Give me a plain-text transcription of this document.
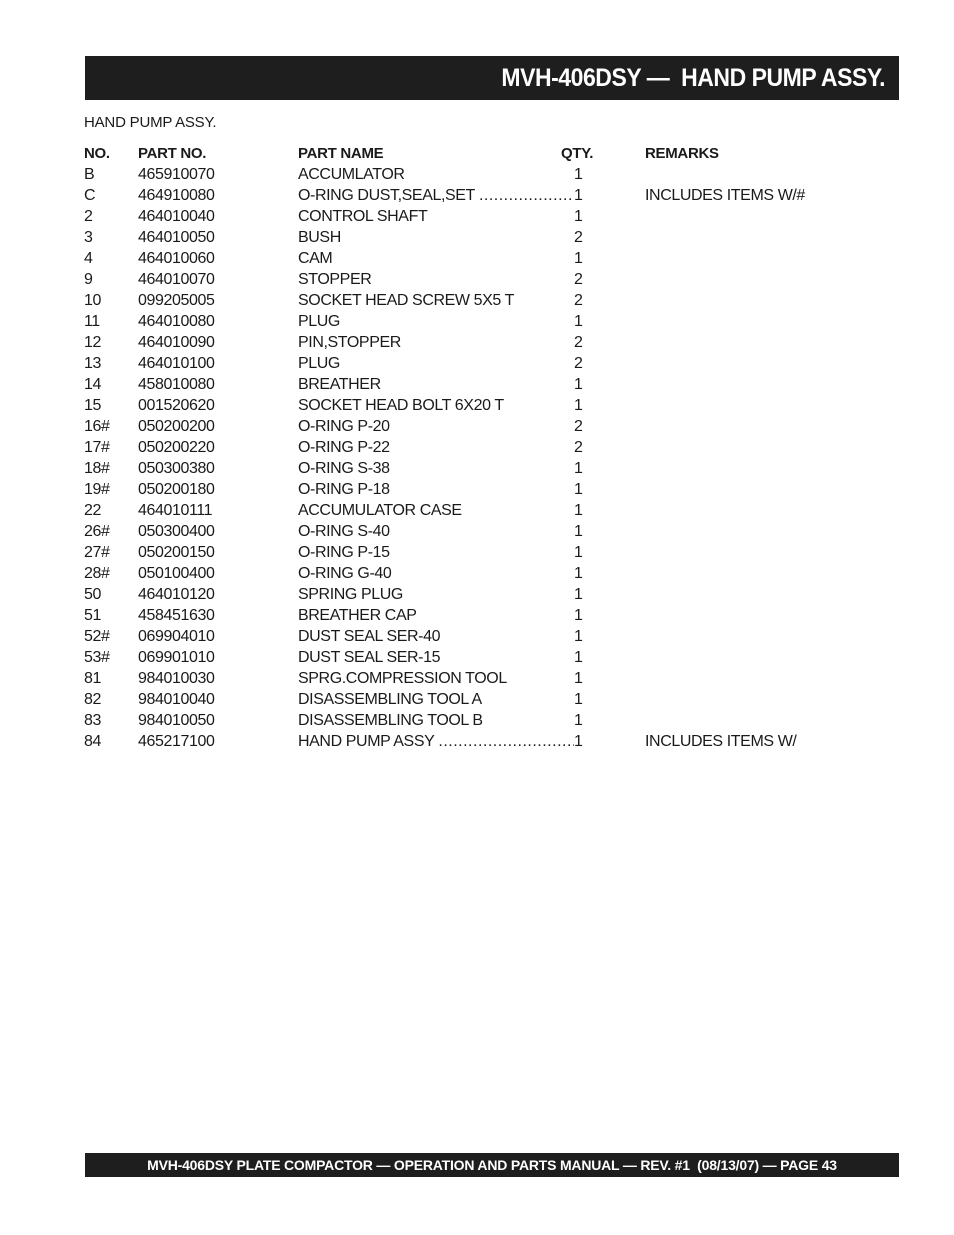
MVH-406DSY —  HAND PUMP ASSY.
HAND PUMP ASSY.
NO. PART NO.	PART NAME	QTY.	REMARKS
B	465910070	ACCUMLATOR	1
C	464910080	O-RING DUST,SEAL,SET .....	1	INCLUDES ITEMS W/#
2	464010040	CONTROL SHAFT	1
3	464010050	BUSH	2
4	464010060	CAM	1
9	464010070	STOPPER	2
10 099205005	SOCKET HEAD SCREW 5X5 T	2
11 464010080	PLUG	1
12 464010090	PIN,STOPPER	2
13 464010100	PLUG	2
14 458010080	BREATHER	1
15 001520620	SOCKET HEAD BOLT 6X20 T	1
16# 050200200	O-RING P-20	2
17# 050200220	O-RING P-22	2
18# 050300380	O-RING S-38	1
19# 050200180	O-RING P-18	1
22 464010111	ACCUMULATOR CASE	1
26# 050300400	O-RING S-40	1
27# 050200150	O-RING P-15	1
28# 050100400	O-RING G-40	1
50 464010120	SPRING PLUG	1
51 458451630	BREATHER CAP	1
52# 069904010	DUST SEAL SER-40	1
53# 069901010	DUST SEAL SER-15	1
81 984010030	SPRG.COMPRESSION TOOL	1
82 984010040	DISASSEMBLING TOOL A	1
83 984010050	DISASSEMBLING TOOL B	1
84 465217100	HAND PUMP ASSY .....	1	INCLUDES ITEMS W/
MVH-406DSY PLATE COMPACTOR — OPERATION AND PARTS MANUAL — REV. #1  (08/13/07) — PAGE 43
